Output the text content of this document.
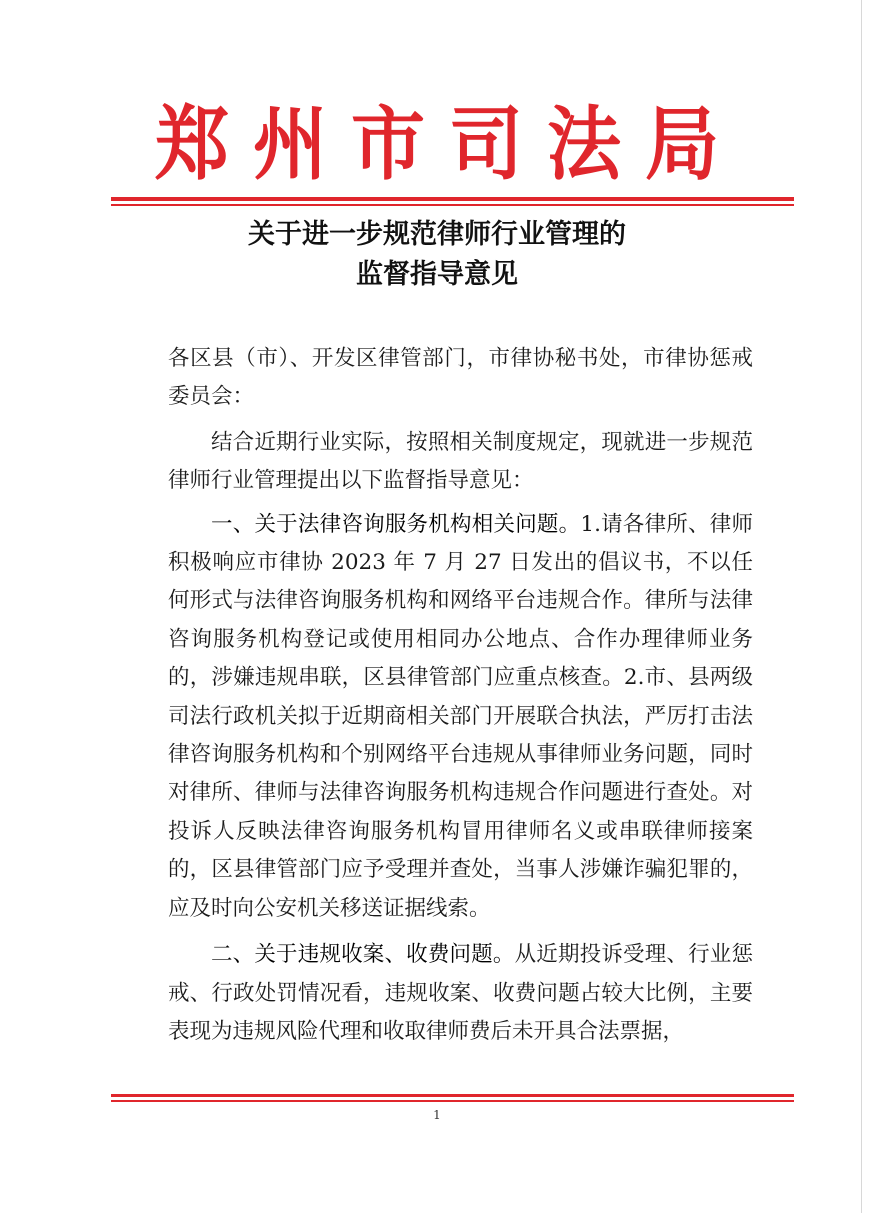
郑州市司法局
关于进一步规范律师行业管理的
监督指导意见

各区县（市）、开发区律管部门，市律协秘书处，市律协惩戒委员会：

结合近期行业实际，按照相关制度规定，现就进一步规范律师行业管理提出以下监督指导意见：

一、关于法律咨询服务机构相关问题。1.请各律所、律师积极响应市律协 2023 年 7 月 27 日发出的倡议书，不以任何形式与法律咨询服务机构和网络平台违规合作。律所与法律咨询服务机构登记或使用相同办公地点、合作办理律师业务的，涉嫌违规串联，区县律管部门应重点核查。2.市、县两级司法行政机关拟于近期商相关部门开展联合执法，严厉打击法律咨询服务机构和个别网络平台违规从事律师业务问题，同时对律所、律师与法律咨询服务机构违规合作问题进行查处。对投诉人反映法律咨询服务机构冒用律师名义或串联律师接案的，区县律管部门应予受理并查处，当事人涉嫌诈骗犯罪的，应及时向公安机关移送证据线索。

二、关于违规收案、收费问题。从近期投诉受理、行业惩戒、行政处罚情况看，违规收案、收费问题占较大比例，主要表现为违规风险代理和收取律师费后未开具合法票据，

1
